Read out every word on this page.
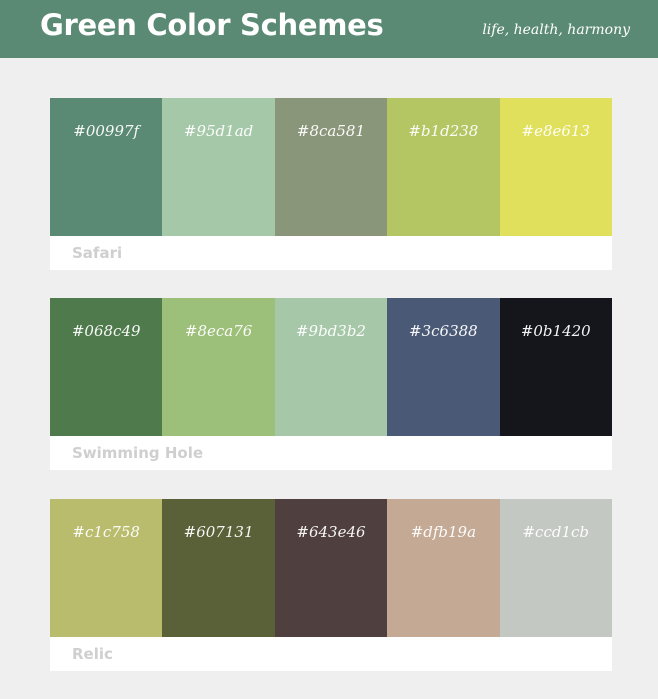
Green Color Schemes	life, health, harmony
#00997f	#95d1ad	#8ca581	#b1d238	#e8e613
Safari
#068c49	#8eca76	#9bd3b2	#3c6388	#0b1420
Swimming Hole
#c1c758	#607131	#643e46	#dfb19a	#ccd1cb
Relic
